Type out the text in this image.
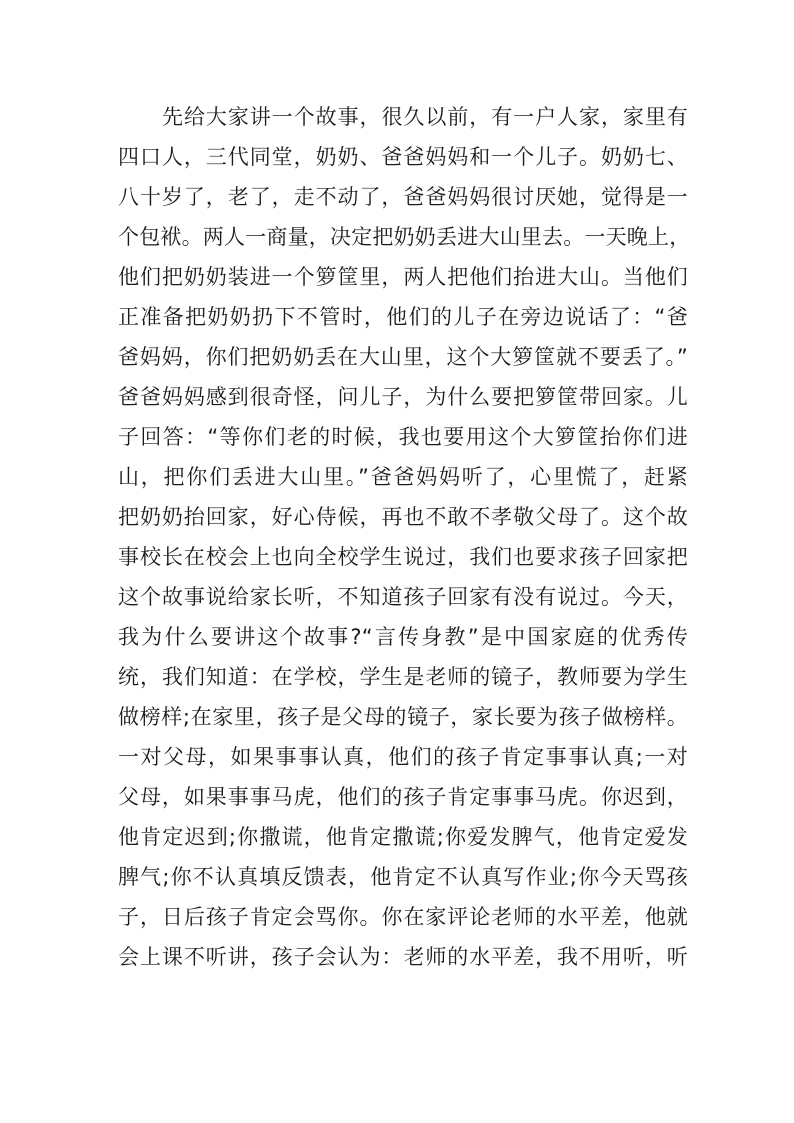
先给大家讲一个故事，很久以前，有一户人家，家里有
四口人，三代同堂，奶奶、爸爸妈妈和一个儿子。奶奶七、
八十岁了，老了，走不动了，爸爸妈妈很讨厌她，觉得是一
个包袱。两人一商量，决定把奶奶丢进大山里去。一天晚上，
他们把奶奶装进一个箩筐里，两人把他们抬进大山。当他们
正准备把奶奶扔下不管时，他们的儿子在旁边说话了：“爸
爸妈妈，你们把奶奶丢在大山里，这个大箩筐就不要丢了。”
爸爸妈妈感到很奇怪，问儿子，为什么要把箩筐带回家。儿
子回答：“等你们老的时候，我也要用这个大箩筐抬你们进
山，把你们丢进大山里。”爸爸妈妈听了，心里慌了，赶紧
把奶奶抬回家，好心侍候，再也不敢不孝敬父母了。这个故
事校长在校会上也向全校学生说过，我们也要求孩子回家把
这个故事说给家长听，不知道孩子回家有没有说过。今天，
我为什么要讲这个故事?“言传身教”是中国家庭的优秀传
统，我们知道：在学校，学生是老师的镜子，教师要为学生
做榜样;在家里，孩子是父母的镜子，家长要为孩子做榜样。
一对父母，如果事事认真，他们的孩子肯定事事认真;一对
父母，如果事事马虎，他们的孩子肯定事事马虎。你迟到，
他肯定迟到;你撒谎，他肯定撒谎;你爱发脾气，他肯定爱发
脾气;你不认真填反馈表，他肯定不认真写作业;你今天骂孩
子，日后孩子肯定会骂你。你在家评论老师的水平差，他就
会上课不听讲，孩子会认为：老师的水平差，我不用听，听
